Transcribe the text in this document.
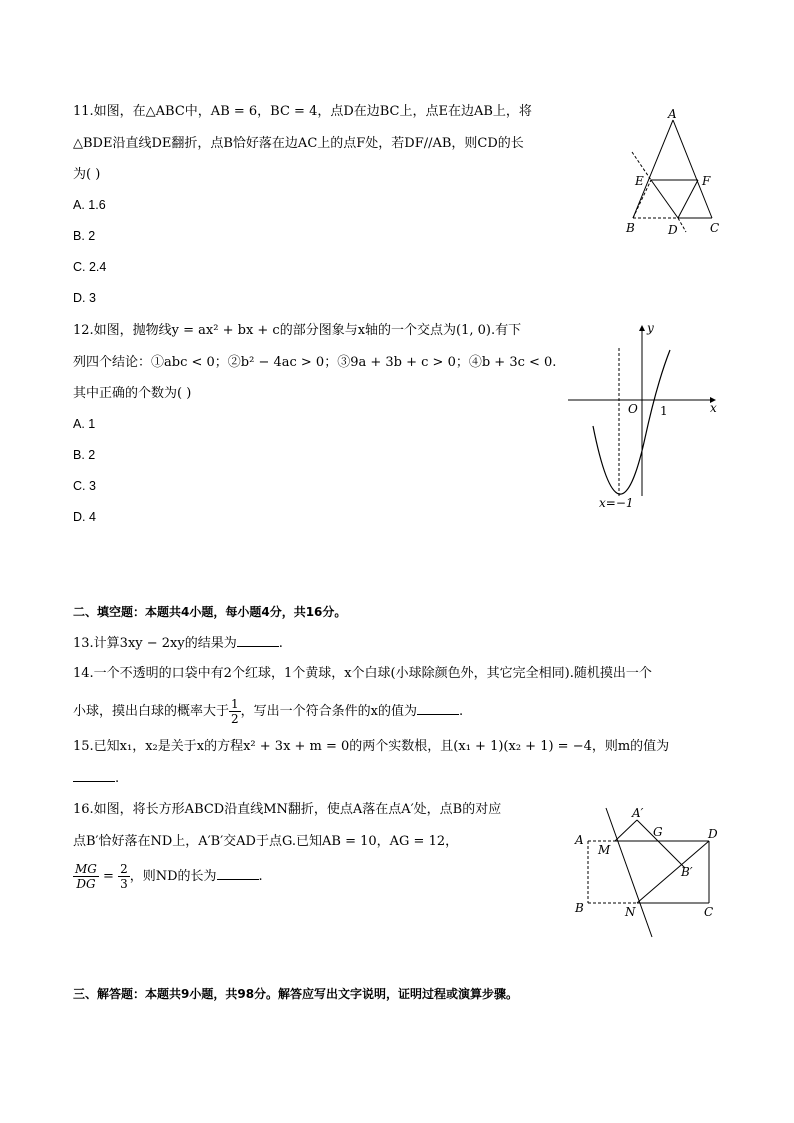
11.如图，在△ABC中，AB = 6，BC = 4，点D在边BC上，点E在边AB上，将
△BDE沿直线DE翻折，点B恰好落在边AC上的点F处，若DF//AB，则CD的长
为( )
A. 1.6
B. 2
C. 2.4
D. 3
A
E	F
B	D	C
12.如图，抛物线y = ax² + bx + c的部分图象与x轴的一个交点为(1, 0).有下
列四个结论：①abc < 0；②b² − 4ac > 0；③9a + 3b + c > 0；④b + 3c < 0.
其中正确的个数为( )
A. 1
B. 2
C. 3
D. 4
y
O 1	x
x=−1
二、填空题：本题共4小题，每小题4分，共16分。
13.计算3xy − 2xy的结果为	.
14.一个不透明的口袋中有2个红球，1个黄球，x个白球(小球除颜色外，其它完全相同).随机摸出一个
小球，摸出白球的概率大于 $\frac{1}{2}$ ，写出一个符合条件的x的值为	.
15.已知x₁，x₂是关于x的方程x² + 3x + m = 0的两个实数根，且(x₁ + 1)(x₂ + 1) = −4，则m的值为
.
16.如图，将长方形ABCD沿直线MN翻折，使点A落在点A′处，点B的对应
点B′恰好落在ND上，A′B′交AD于点G.已知AB = 10，AG = 12，
$\frac{MG}{DG} = \frac{2}{3}$ ，则ND的长为	.
A′
G	D
A
M
B′
B	N	C
三、解答题：本题共9小题，共98分。解答应写出文字说明，证明过程或演算步骤。
